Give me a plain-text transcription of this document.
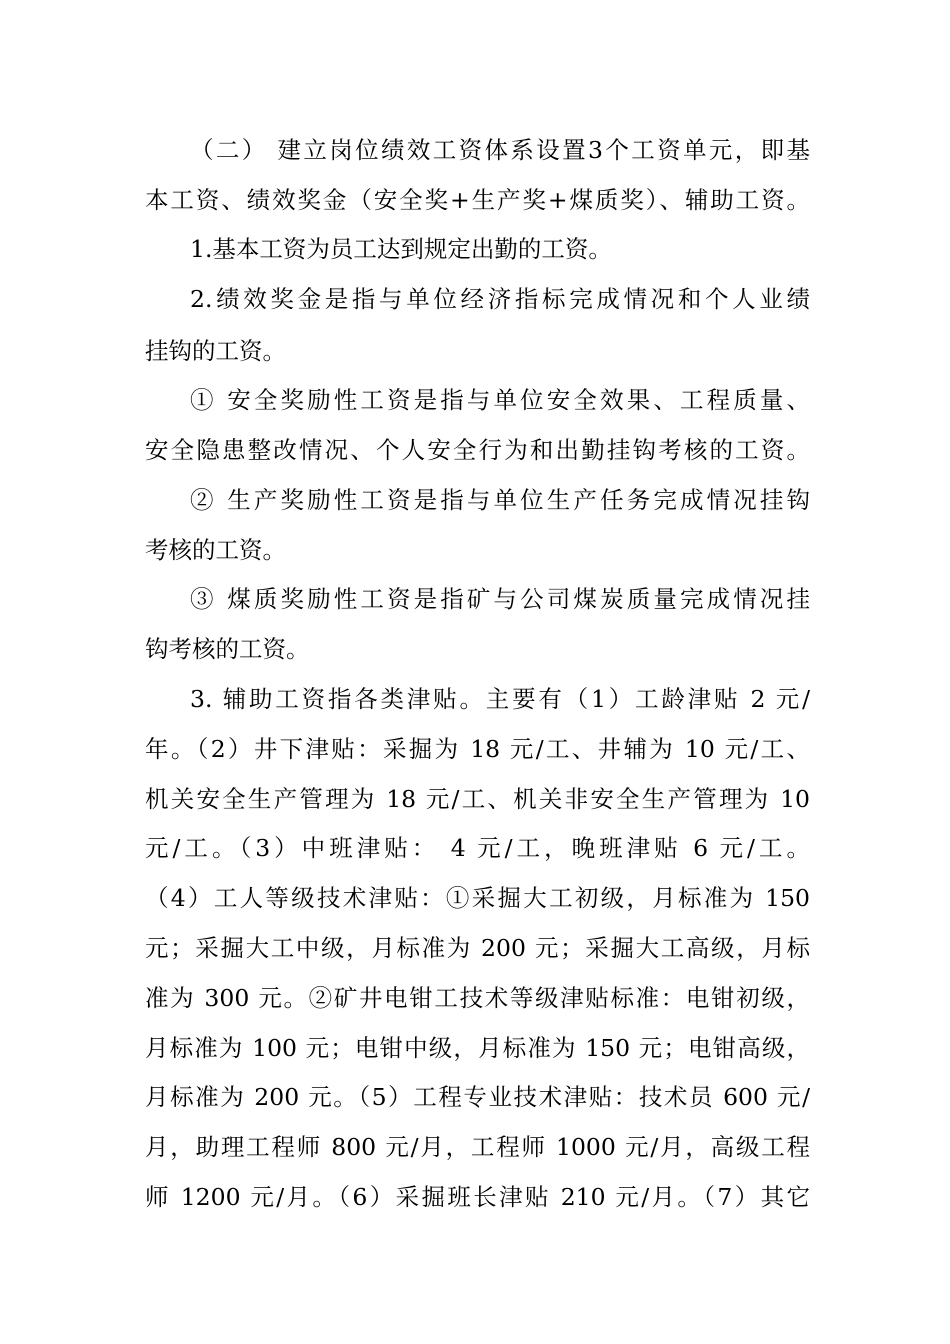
（二） 建立岗位绩效工资体系设置3个工资单元，即基
本工资、绩效奖金（安全奖+生产奖+煤质奖）、辅助工资。
1.基本工资为员工达到规定出勤的工资。
2.绩效奖金是指与单位经济指标完成情况和个人业绩
挂钩的工资。
① 安全奖励性工资是指与单位安全效果、工程质量、
安全隐患整改情况、个人安全行为和出勤挂钩考核的工资。
② 生产奖励性工资是指与单位生产任务完成情况挂钩
考核的工资。
③ 煤质奖励性工资是指矿与公司煤炭质量完成情况挂
钩考核的工资。
3. 辅助工资指各类津贴。主要有（1）工龄津贴 2 元/
年。（2）井下津贴：采掘为 18 元/工、井辅为 10 元/工、
机关安全生产管理为 18 元/工、机关非安全生产管理为 10
元/工。（3）中班津贴： 4 元/工，晚班津贴 6 元/工。
（4）工人等级技术津贴：①采掘大工初级，月标准为 150
元；采掘大工中级，月标准为 200 元；采掘大工高级，月标
准为 300 元。②矿井电钳工技术等级津贴标准：电钳初级，
月标准为 100 元；电钳中级，月标准为 150 元；电钳高级，
月标准为 200 元。（5）工程专业技术津贴：技术员 600 元/
月，助理工程师 800 元/月，工程师 1000 元/月，高级工程
师 1200 元/月。（6）采掘班长津贴 210 元/月。（7）其它
